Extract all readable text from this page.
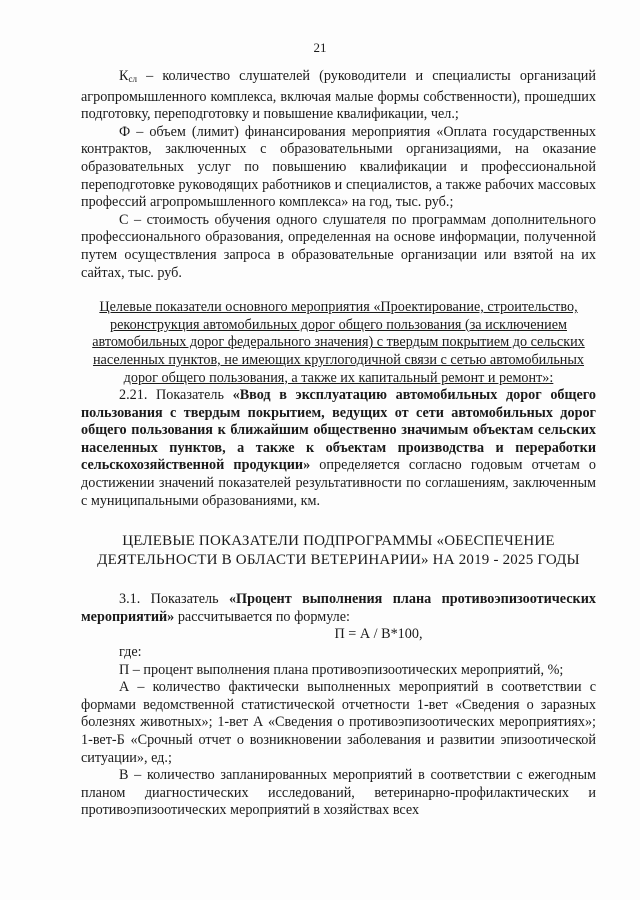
21

$К_{сл}$ – количество слушателей (руководители и специалисты организаций агропромышленного комплекса, включая малые формы собственности), прошедших подготовку, переподготовку и повышение квалификации, чел.;

Ф – объем (лимит) финансирования мероприятия «Оплата государственных контрактов, заключенных с образовательными организациями, на оказание образовательных услуг по повышению квалификации и профессиональной переподготовке руководящих работников и специалистов, а также рабочих массовых профессий агропромышленного комплекса» на год, тыс. руб.;

С – стоимость обучения одного слушателя по программам дополнительного профессионального образования, определенная на основе информации, полученной путем осуществления запроса в образовательные организации или взятой на их сайтах, тыс. руб.

Целевые показатели основного мероприятия «Проектирование, строительство, реконструкция автомобильных дорог общего пользования (за исключением автомобильных дорог федерального значения) с твердым покрытием до сельских населенных пунктов, не имеющих круглогодичной связи с сетью автомобильных дорог общего пользования, а также их капитальный ремонт и ремонт»:

2.21. Показатель «Ввод в эксплуатацию автомобильных дорог общего пользования с твердым покрытием, ведущих от сети автомобильных дорог общего пользования к ближайшим общественно значимым объектам сельских населенных пунктов, а также к объектам производства и переработки сельскохозяйственной продукции» определяется согласно годовым отчетам о достижении значений показателей результативности по соглашениям, заключенным с муниципальными образованиями, км.

ЦЕЛЕВЫЕ ПОКАЗАТЕЛИ ПОДПРОГРАММЫ «ОБЕСПЕЧЕНИЕ ДЕЯТЕЛЬНОСТИ В ОБЛАСТИ ВЕТЕРИНАРИИ» НА 2019 - 2025 ГОДЫ

3.1. Показатель «Процент выполнения плана противоэпизоотических мероприятий» рассчитывается по формуле:

П = А / В*100,

где:

П – процент выполнения плана противоэпизоотических мероприятий, %;

А – количество фактически выполненных мероприятий в соответствии с формами ведомственной статистической отчетности 1-вет «Сведения о заразных болезнях животных»; 1-вет А «Сведения о противоэпизоотических мероприятиях»; 1-вет-Б «Срочный отчет о возникновении заболевания и развитии эпизоотической ситуации», ед.;

В – количество запланированных мероприятий в соответствии с ежегодным планом диагностических исследований, ветеринарно-профилактических и противоэпизоотических мероприятий в хозяйствах всех
